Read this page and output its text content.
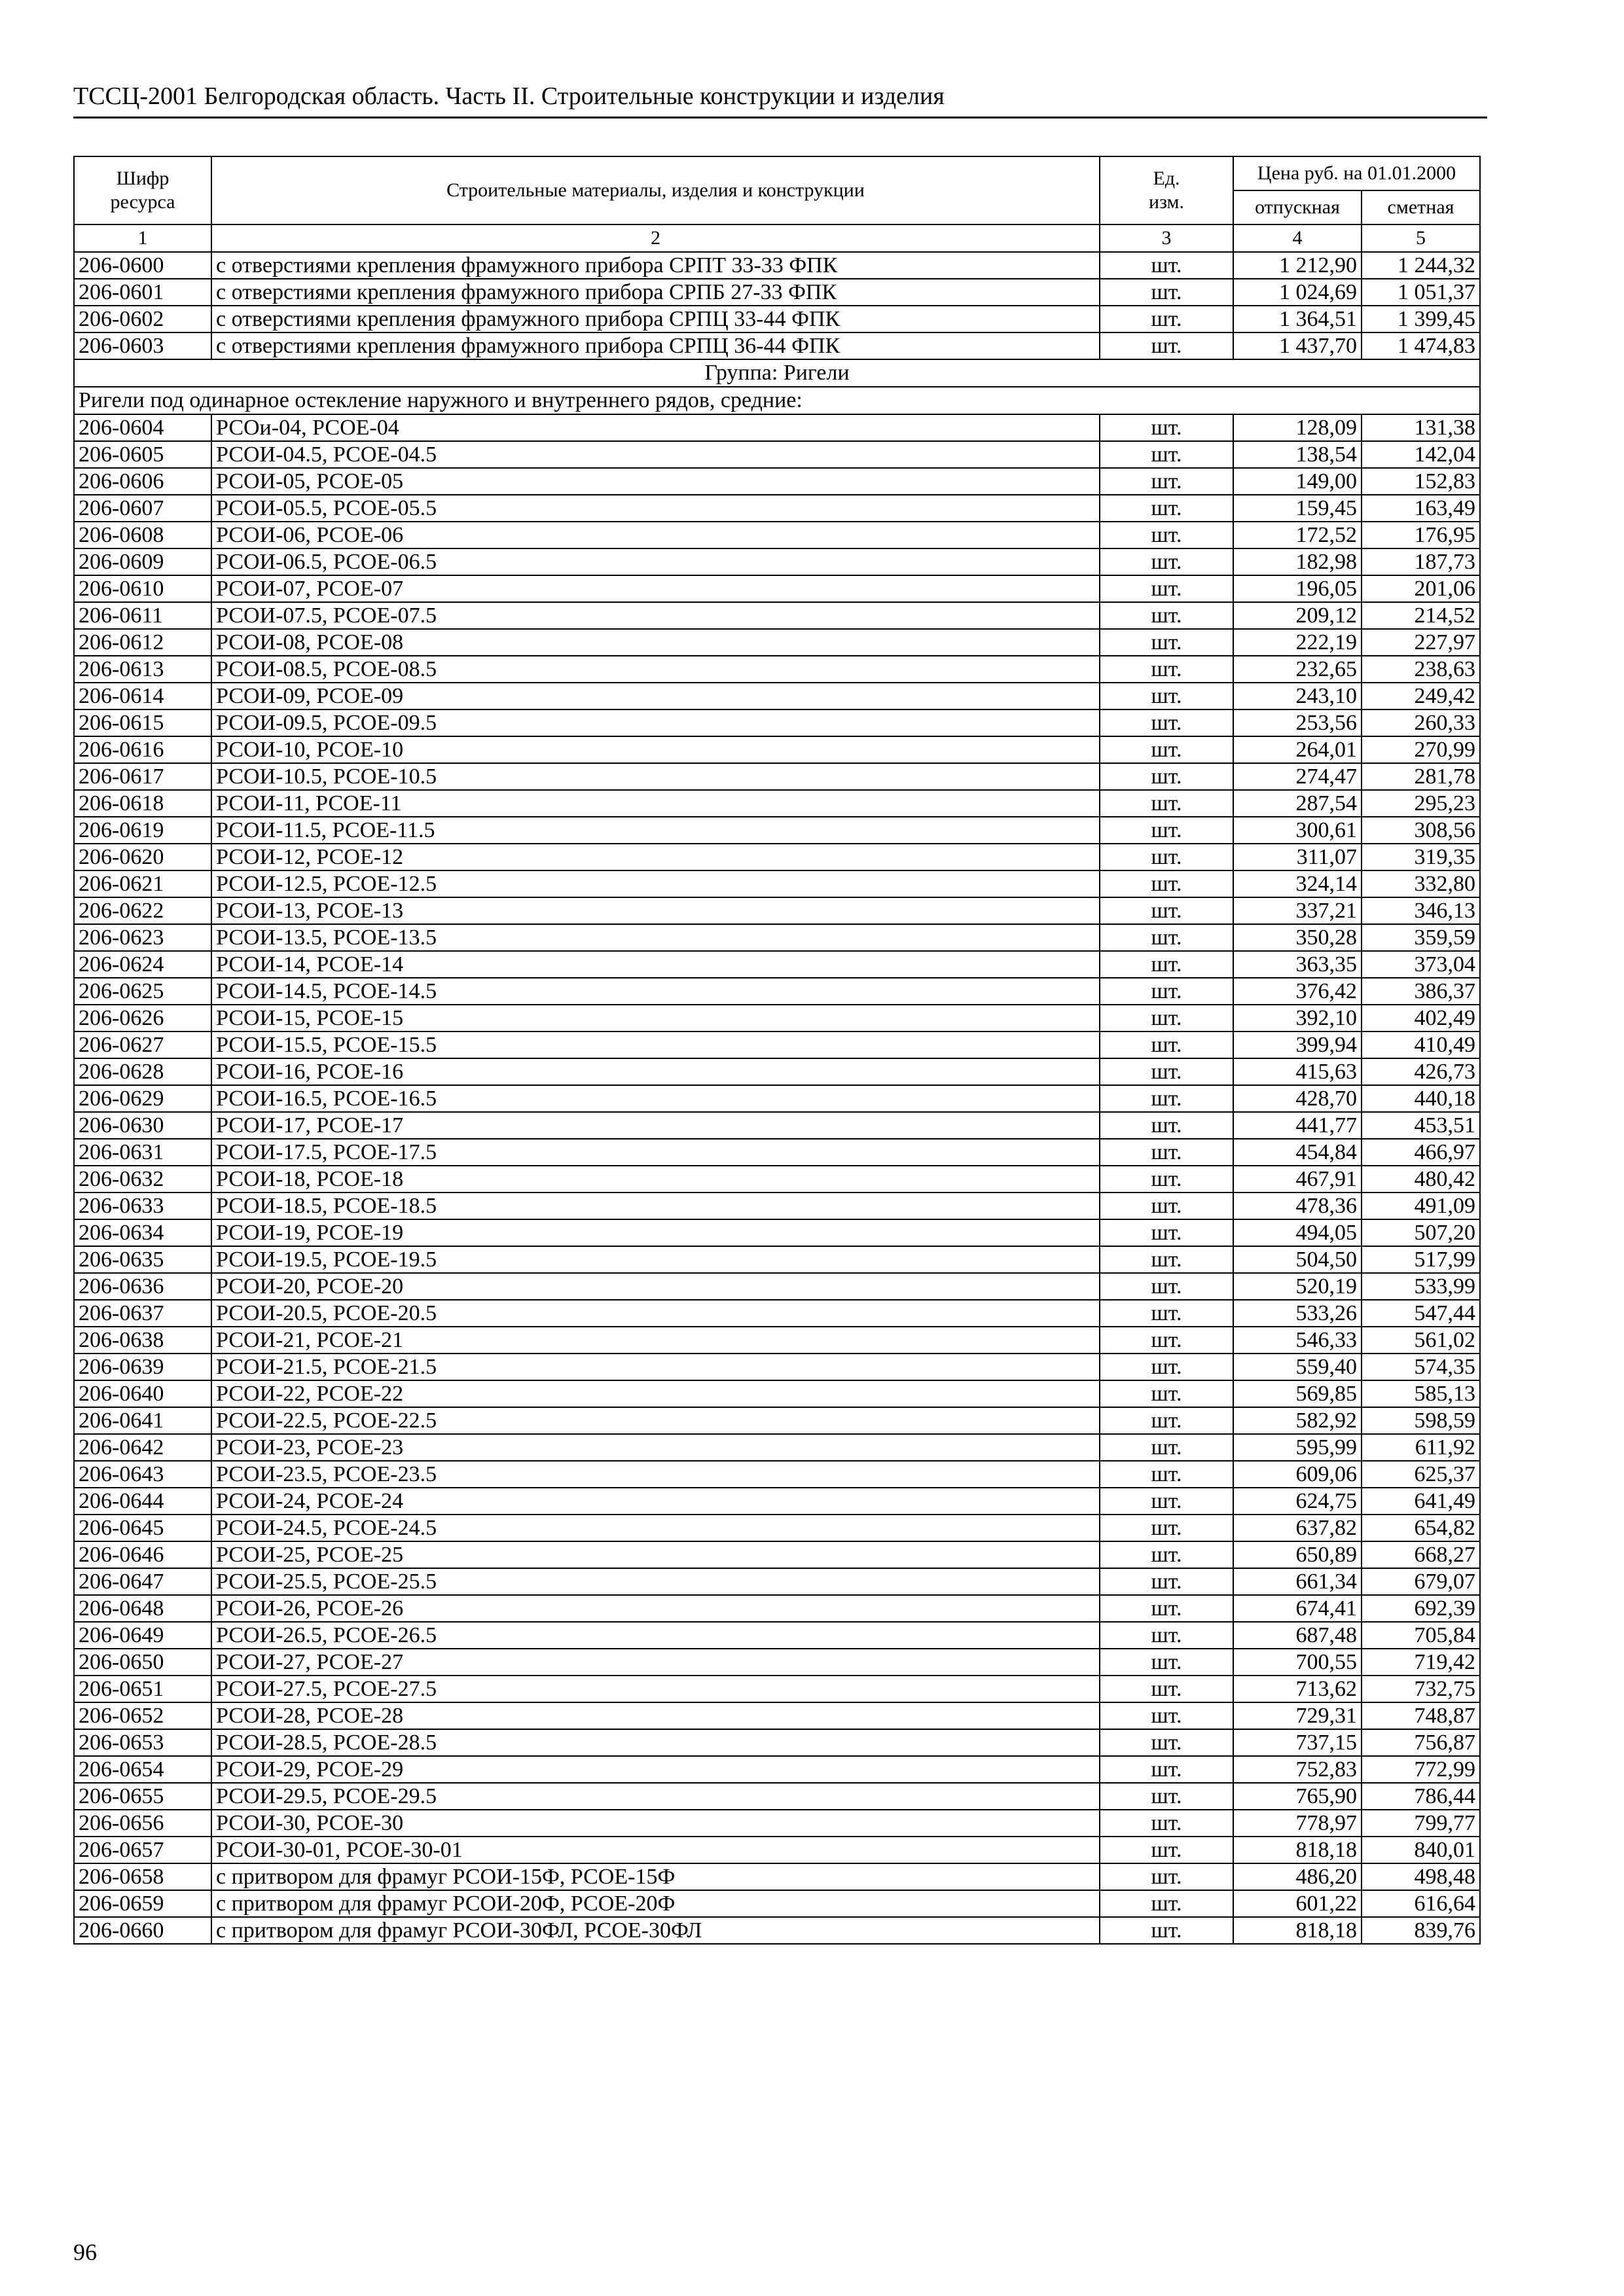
ТССЦ-2001 Белгородская область. Часть II. Строительные конструкции и изделия
Шифр ресурса	Строительные материалы, изделия и конструкции	Ед. изм.	Цена руб. на 01.01.2000	
			отпускная	сметная
1	2	3	4	5
206-0600	с отверстиями крепления фрамужного прибора СРПТ 33-33 ФПК	шт.	1 212,90	1 244,32
206-0601	с отверстиями крепления фрамужного прибора СРПБ 27-33 ФПК	шт.	1 024,69	1 051,37
206-0602	с отверстиями крепления фрамужного прибора СРПЦ 33-44 ФПК	шт.	1 364,51	1 399,45
206-0603	с отверстиями крепления фрамужного прибора СРПЦ 36-44 ФПК	шт.	1 437,70	1 474,83
Группа: Ригели				
Ригели под одинарное остекление наружного и внутреннего рядов, средние:				
206-0604	РСОи-04, РСОЕ-04	шт.	128,09	131,38
206-0605	РСОИ-04.5, РСОЕ-04.5	шт.	138,54	142,04
206-0606	РСОИ-05, РСОЕ-05	шт.	149,00	152,83
206-0607	РСОИ-05.5, РСОЕ-05.5	шт.	159,45	163,49
206-0608	РСОИ-06, РСОЕ-06	шт.	172,52	176,95
206-0609	РСОИ-06.5, РСОЕ-06.5	шт.	182,98	187,73
206-0610	РСОИ-07, РСОЕ-07	шт.	196,05	201,06
206-0611	РСОИ-07.5, РСОЕ-07.5	шт.	209,12	214,52
206-0612	РСОИ-08, РСОЕ-08	шт.	222,19	227,97
206-0613	РСОИ-08.5, РСОЕ-08.5	шт.	232,65	238,63
206-0614	РСОИ-09, РСОЕ-09	шт.	243,10	249,42
206-0615	РСОИ-09.5, РСОЕ-09.5	шт.	253,56	260,33
206-0616	РСОИ-10, РСОЕ-10	шт.	264,01	270,99
206-0617	РСОИ-10.5, РСОЕ-10.5	шт.	274,47	281,78
206-0618	РСОИ-11, РСОЕ-11	шт.	287,54	295,23
206-0619	РСОИ-11.5, РСОЕ-11.5	шт.	300,61	308,56
206-0620	РСОИ-12, РСОЕ-12	шт.	311,07	319,35
206-0621	РСОИ-12.5, РСОЕ-12.5	шт.	324,14	332,80
206-0622	РСОИ-13, РСОЕ-13	шт.	337,21	346,13
206-0623	РСОИ-13.5, РСОЕ-13.5	шт.	350,28	359,59
206-0624	РСОИ-14, РСОЕ-14	шт.	363,35	373,04
206-0625	РСОИ-14.5, РСОЕ-14.5	шт.	376,42	386,37
206-0626	РСОИ-15, РСОЕ-15	шт.	392,10	402,49
206-0627	РСОИ-15.5, РСОЕ-15.5	шт.	399,94	410,49
206-0628	РСОИ-16, РСОЕ-16	шт.	415,63	426,73
206-0629	РСОИ-16.5, РСОЕ-16.5	шт.	428,70	440,18
206-0630	РСОИ-17, РСОЕ-17	шт.	441,77	453,51
206-0631	РСОИ-17.5, РСОЕ-17.5	шт.	454,84	466,97
206-0632	РСОИ-18, РСОЕ-18	шт.	467,91	480,42
206-0633	РСОИ-18.5, РСОЕ-18.5	шт.	478,36	491,09
206-0634	РСОИ-19, РСОЕ-19	шт.	494,05	507,20
206-0635	РСОИ-19.5, РСОЕ-19.5	шт.	504,50	517,99
206-0636	РСОИ-20, РСОЕ-20	шт.	520,19	533,99
206-0637	РСОИ-20.5, РСОЕ-20.5	шт.	533,26	547,44
206-0638	РСОИ-21, РСОЕ-21	шт.	546,33	561,02
206-0639	РСОИ-21.5, РСОЕ-21.5	шт.	559,40	574,35
206-0640	РСОИ-22, РСОЕ-22	шт.	569,85	585,13
206-0641	РСОИ-22.5, РСОЕ-22.5	шт.	582,92	598,59
206-0642	РСОИ-23, РСОЕ-23	шт.	595,99	611,92
206-0643	РСОИ-23.5, РСОЕ-23.5	шт.	609,06	625,37
206-0644	РСОИ-24, РСОЕ-24	шт.	624,75	641,49
206-0645	РСОИ-24.5, РСОЕ-24.5	шт.	637,82	654,82
206-0646	РСОИ-25, РСОЕ-25	шт.	650,89	668,27
206-0647	РСОИ-25.5, РСОЕ-25.5	шт.	661,34	679,07
206-0648	РСОИ-26, РСОЕ-26	шт.	674,41	692,39
206-0649	РСОИ-26.5, РСОЕ-26.5	шт.	687,48	705,84
206-0650	РСОИ-27, РСОЕ-27	шт.	700,55	719,42
206-0651	РСОИ-27.5, РСОЕ-27.5	шт.	713,62	732,75
206-0652	РСОИ-28, РСОЕ-28	шт.	729,31	748,87
206-0653	РСОИ-28.5, РСОЕ-28.5	шт.	737,15	756,87
206-0654	РСОИ-29, РСОЕ-29	шт.	752,83	772,99
206-0655	РСОИ-29.5, РСОЕ-29.5	шт.	765,90	786,44
206-0656	РСОИ-30, РСОЕ-30	шт.	778,97	799,77
206-0657	РСОИ-30-01, РСОЕ-30-01	шт.	818,18	840,01
206-0658	с притвором для фрамуг РСОИ-15Ф, РСОЕ-15Ф	шт.	486,20	498,48
206-0659	с притвором для фрамуг РСОИ-20Ф, РСОЕ-20Ф	шт.	601,22	616,64
206-0660	с притвором для фрамуг РСОИ-30ФЛ, РСОЕ-30ФЛ	шт.	818,18	839,76
96
